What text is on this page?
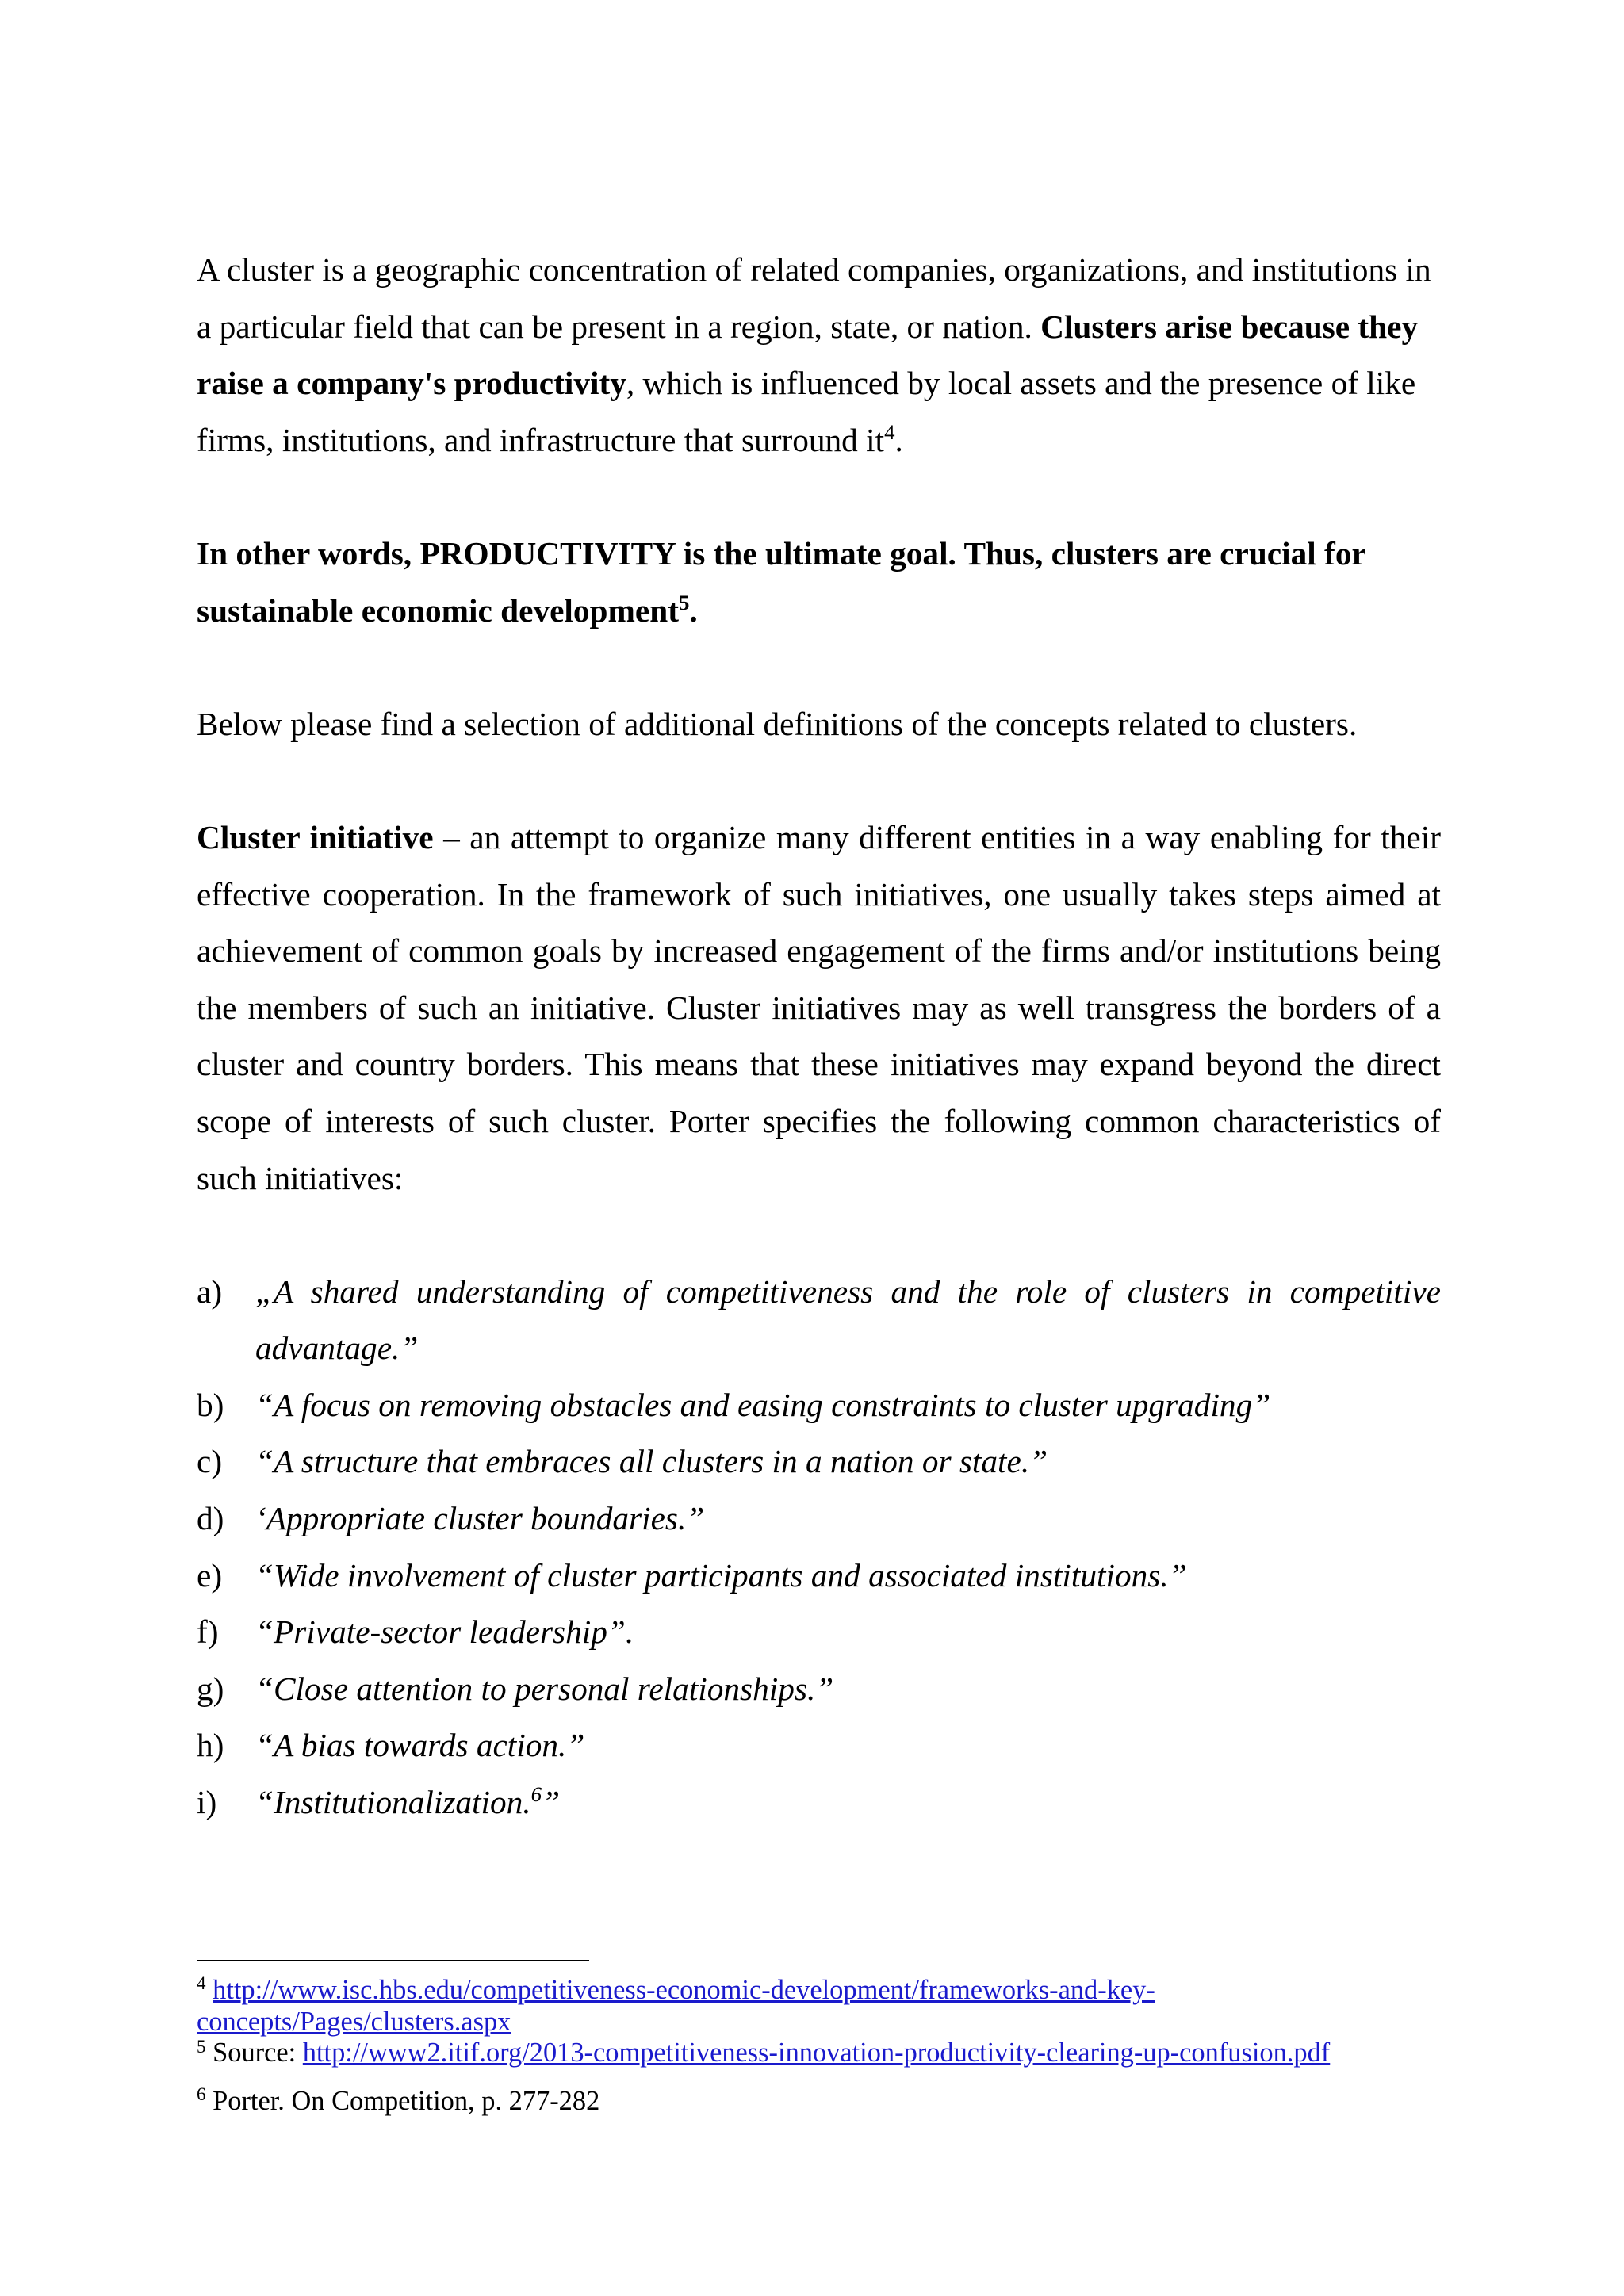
A cluster is a geographic concentration of related companies, organizations, and institutions in a particular field that can be present in a region, state, or nation. Clusters arise because they raise a company's productivity, which is influenced by local assets and the presence of like firms, institutions, and infrastructure that surround it$^4$.

In other words, PRODUCTIVITY is the ultimate goal. Thus, clusters are crucial for sustainable economic development$^5$.

Below please find a selection of additional definitions of the concepts related to clusters.

Cluster initiative – an attempt to organize many different entities in a way enabling for their effective cooperation. In the framework of such initiatives, one usually takes steps aimed at achievement of common goals by increased engagement of the firms and/or institutions being the members of such an initiative. Cluster initiatives may as well transgress the borders of a cluster and country borders. This means that these initiatives may expand beyond the direct scope of interests of such cluster. Porter specifies the following common characteristics of such initiatives:

a)	„A shared understanding of competitiveness and the role of clusters in competitive advantage.”
b) “A focus on removing obstacles and easing constraints to cluster upgrading”
c)	“A structure that embraces all clusters in a nation or state.”
d) ‘Appropriate cluster boundaries.”
e)	“Wide involvement of cluster participants and associated institutions.”
f)	“Private-sector leadership”.
g) “Close attention to personal relationships.”
h) “A bias towards action.”
i)	“Institutionalization.$^6$”

$^4$ http://www.isc.hbs.edu/competitiveness-economic-development/frameworks-and-key-concepts/Pages/clusters.aspx

$^5$ Source: http://www2.itif.org/2013-competitiveness-innovation-productivity-clearing-up-confusion.pdf

$^6$ Porter. On Competition, p. 277-282
